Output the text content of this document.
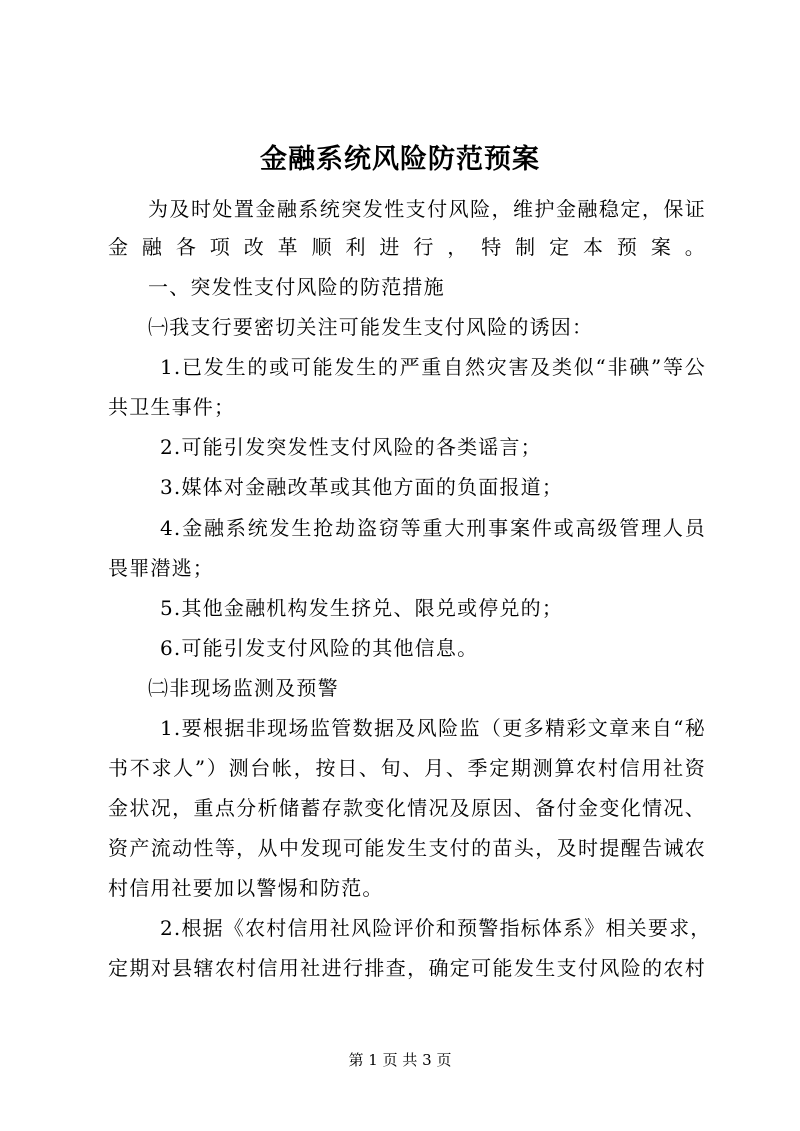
金融系统风险防范预案
为及时处置金融系统突发性支付风险，维护金融稳定，保证
金融各项改革顺利进行，特制定本预案。
一、突发性支付风险的防范措施
㈠我支行要密切关注可能发生支付风险的诱因：
1.已发生的或可能发生的严重自然灾害及类似“非碘”等公
共卫生事件；
2.可能引发突发性支付风险的各类谣言；
3.媒体对金融改革或其他方面的负面报道；
4.金融系统发生抢劫盗窃等重大刑事案件或高级管理人员
畏罪潜逃；
5.其他金融机构发生挤兑、限兑或停兑的；
6.可能引发支付风险的其他信息。
㈡非现场监测及预警
1.要根据非现场监管数据及风险监（更多精彩文章来自“秘
书不求人”）测台帐，按日、旬、月、季定期测算农村信用社资
金状况，重点分析储蓄存款变化情况及原因、备付金变化情况、
资产流动性等，从中发现可能发生支付的苗头，及时提醒告诫农
村信用社要加以警惕和防范。
2.根据《农村信用社风险评价和预警指标体系》相关要求，
定期对县辖农村信用社进行排查，确定可能发生支付风险的农村
第 1 页 共 3 页
